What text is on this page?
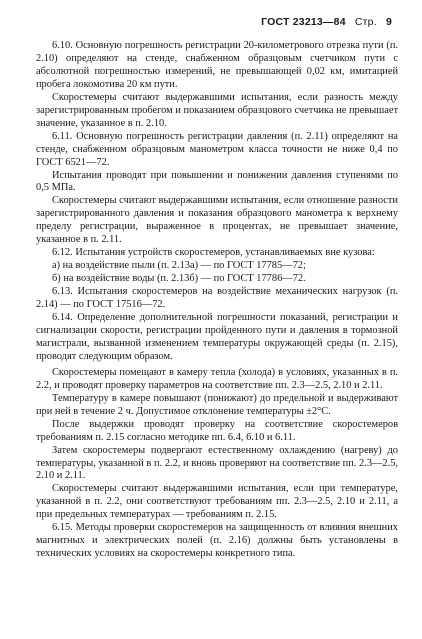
ГОСТ 23213—84 Стр. 9

6.10. Основную погрешность регистрации 20-километрового отрезка пути (п. 2.10) определяют на стенде, снабженном образцовым счетчиком пути с абсолютной погрешностью измерений, не превышающей 0,02 км, имитацией пробега локомотива 20 км пути.

Скоростемеры считают выдержавшими испытания, если разность между зарегистрированным пробегом и показанием образцового счетчика не превышает значение, указанное в п. 2.10.

6.11. Основную погрешность регистрации давления (п. 2.11) определяют на стенде, снабженном образцовым манометром класса точности не ниже 0,4 по ГОСТ 6521—72.

Испытания проводят при повышении и понижении давления ступенями по 0,5 МПа.

Скоростемеры считают выдержавшими испытания, если отношение разности зарегистрированного давления и показания образцового манометра к верхнему пределу регистрации, выраженное в процентах, не превышает значение, указанное в п. 2.11.

6.12. Испытания устройств скоростемеров, устанавливаемых вне кузова:

а) на воздействие пыли (п. 2.13а) — по ГОСТ 17785—72;

б) на воздействие воды (п. 2.13б) — по ГОСТ 17786—72.

6.13. Испытания скоростемеров на воздействие механических нагрузок (п. 2.14) — по ГОСТ 17516—72.

6.14. Определение дополнительной погрешности показаний, регистрации и сигнализации скорости, регистрации пройденного пути и давления в тормозной магистрали, вызванной изменением температуры окружающей среды (п. 2.15), проводят следующим образом.

Скоростемеры помещают в камеру тепла (холода) в условиях, указанных в п. 2.2, и проводят проверку параметров на соответствие пп. 2.3—2.5, 2.10 и 2.11.

Температуру в камере повышают (понижают) до предельной и выдерживают при ней в течение 2 ч. Допустимое отклонение температуры ±2°С.

После выдержки проводят проверку на соответствие скоростемеров требованиям п. 2.15 согласно методике пп. 6.4, 6.10 и 6.11.

Затем скоростемеры подвергают естественному охлаждению (нагреву) до температуры, указанной в п. 2.2, и вновь проверяют на соответствие пп. 2.3—2.5, 2.10 и 2.11.

Скоростемеры считают выдержавшими испытания, если при температуре, указанной в п. 2.2, они соответствуют требованиям пп. 2.3—2.5, 2.10 и 2.11, а при предельных температурах — требованиям п. 2.15.

6.15. Методы проверки скоростемеров на защищенность от влияния внешних магнитных и электрических полей (п. 2.16) должны быть установлены в технических условиях на скоростемеры конкретного типа.
